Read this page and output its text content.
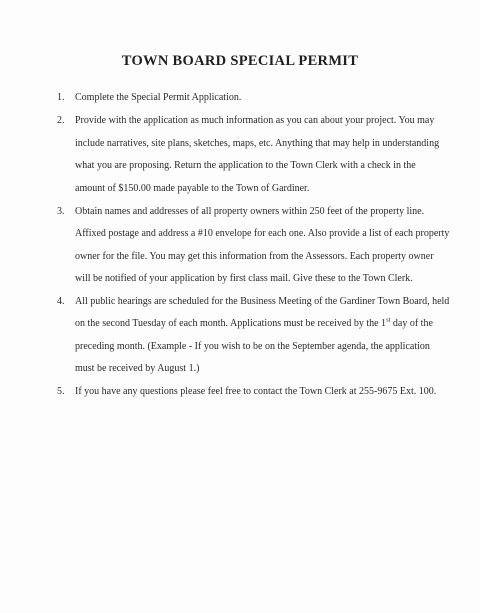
TOWN BOARD SPECIAL PERMIT
1. Complete the Special Permit Application.
2. Provide with the application as much information as you can about your project. You may
include narratives, site plans, sketches, maps, etc. Anything that may help in understanding
what you are proposing. Return the application to the Town Clerk with a check in the
amount of $150.00 made payable to the Town of Gardiner.
3. Obtain names and addresses of all property owners within 250 feet of the property line.
Affixed postage and address a #10 envelope for each one. Also provide a list of each property
owner for the file. You may get this information from the Assessors. Each property owner
will be notified of your application by first class mail. Give these to the Town Clerk.
4. All public hearings are scheduled for the Business Meeting of the Gardiner Town Board, held
on the second Tuesday of each month. Applications must be received by the 1st day of the
preceding month. (Example - If you wish to be on the September agenda, the application
must be received by August 1.)
5. If you have any questions please feel free to contact the Town Clerk at 255-9675 Ext. 100.
